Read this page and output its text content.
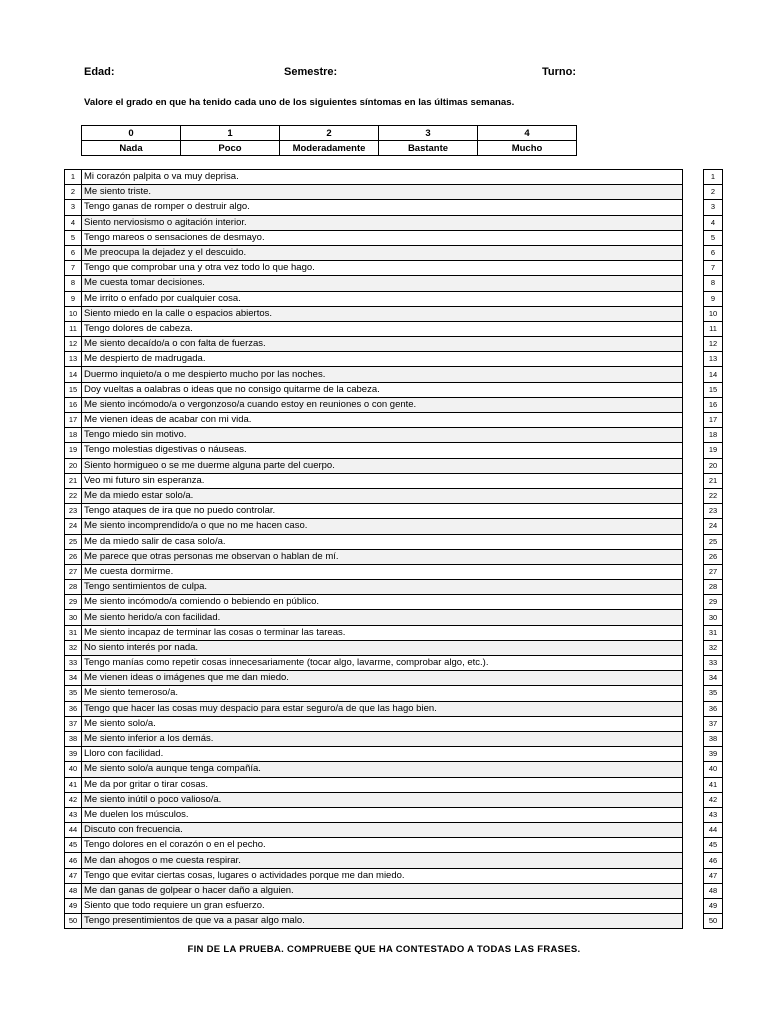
Edad:	Semestre:	Turno:
Valore el grado en que ha tenido cada uno de los siguientes síntomas en las últimas semanas.
0	1	2	3	4
Nada	Poco	Moderadamente	Bastante	Mucho
1	Mi corazón palpita o va muy deprisa.			1
2	Me siento triste.			2
3	Tengo ganas de romper o destruir algo.			3
4	Siento nerviosismo o agitación interior.			4
5	Tengo mareos o sensaciones de desmayo.			5
6	Me preocupa la dejadez y el descuido.			6
7	Tengo que comprobar una y otra vez todo lo que hago.			7
8	Me cuesta tomar decisiones.			8
9	Me irrito o enfado por cualquier cosa.			9
10	Siento miedo en la calle o espacios abiertos.			10
11	Tengo dolores de cabeza.			11
12	Me siento decaído/a o con falta de fuerzas.			12
13	Me despierto de madrugada.			13
14	Duermo inquieto/a o me despierto mucho por las noches.			14
15	Doy vueltas a oalabras o ideas que no consigo quitarme de la cabeza.			15
16	Me siento incómodo/a o vergonzoso/a cuando estoy en reuniones o con gente.			16
17	Me vienen ideas de acabar con mi vida.			17
18	Tengo miedo sin motivo.			18
19	Tengo molestias digestivas o náuseas.			19
20	Siento hormigueo o se me duerme alguna parte del cuerpo.			20
21	Veo mi futuro sin esperanza.			21
22	Me da miedo estar solo/a.			22
23	Tengo ataques de ira que no puedo controlar.			23
24	Me siento incomprendido/a o que no me hacen caso.			24
25	Me da miedo salir de casa solo/a.			25
26	Me parece que otras personas me observan o hablan de mí.			26
27	Me cuesta dormirme.			27
28	Tengo sentimientos de culpa.			28
29	Me siento incómodo/a comiendo o bebiendo en público.			29
30	Me siento herido/a con facilidad.			30
31	Me siento incapaz de terminar las cosas o terminar las tareas.			31
32	No siento interés por nada.			32
33	Tengo manías como repetir cosas innecesariamente (tocar algo, lavarme, comprobar algo, etc.).			33
34	Me vienen ideas o imágenes que me dan miedo.			34
35	Me siento temeroso/a.			35
36	Tengo que hacer las cosas muy despacio para estar seguro/a de que las hago bien.			36
37	Me siento solo/a.			37
38	Me siento inferior a los demás.			38
39	Lloro con facilidad.			39
40	Me siento solo/a aunque tenga compañía.			40
41	Me da por gritar o tirar cosas.			41
42	Me siento inútil o poco valioso/a.			42
43	Me duelen los músculos.			43
44	Discuto con frecuencia.			44
45	Tengo dolores en el corazón o en el pecho.			45
46	Me dan ahogos o me cuesta respirar.			46
47	Tengo que evitar ciertas cosas, lugares o actividades porque me dan miedo.			47
48	Me dan ganas de golpear o hacer daño a alguien.			48
49	Siento que todo requiere un gran esfuerzo.			49
50	Tengo presentimientos de que va a pasar algo malo.			50
FIN DE LA PRUEBA. COMPRUEBE QUE HA CONTESTADO A TODAS LAS FRASES.
